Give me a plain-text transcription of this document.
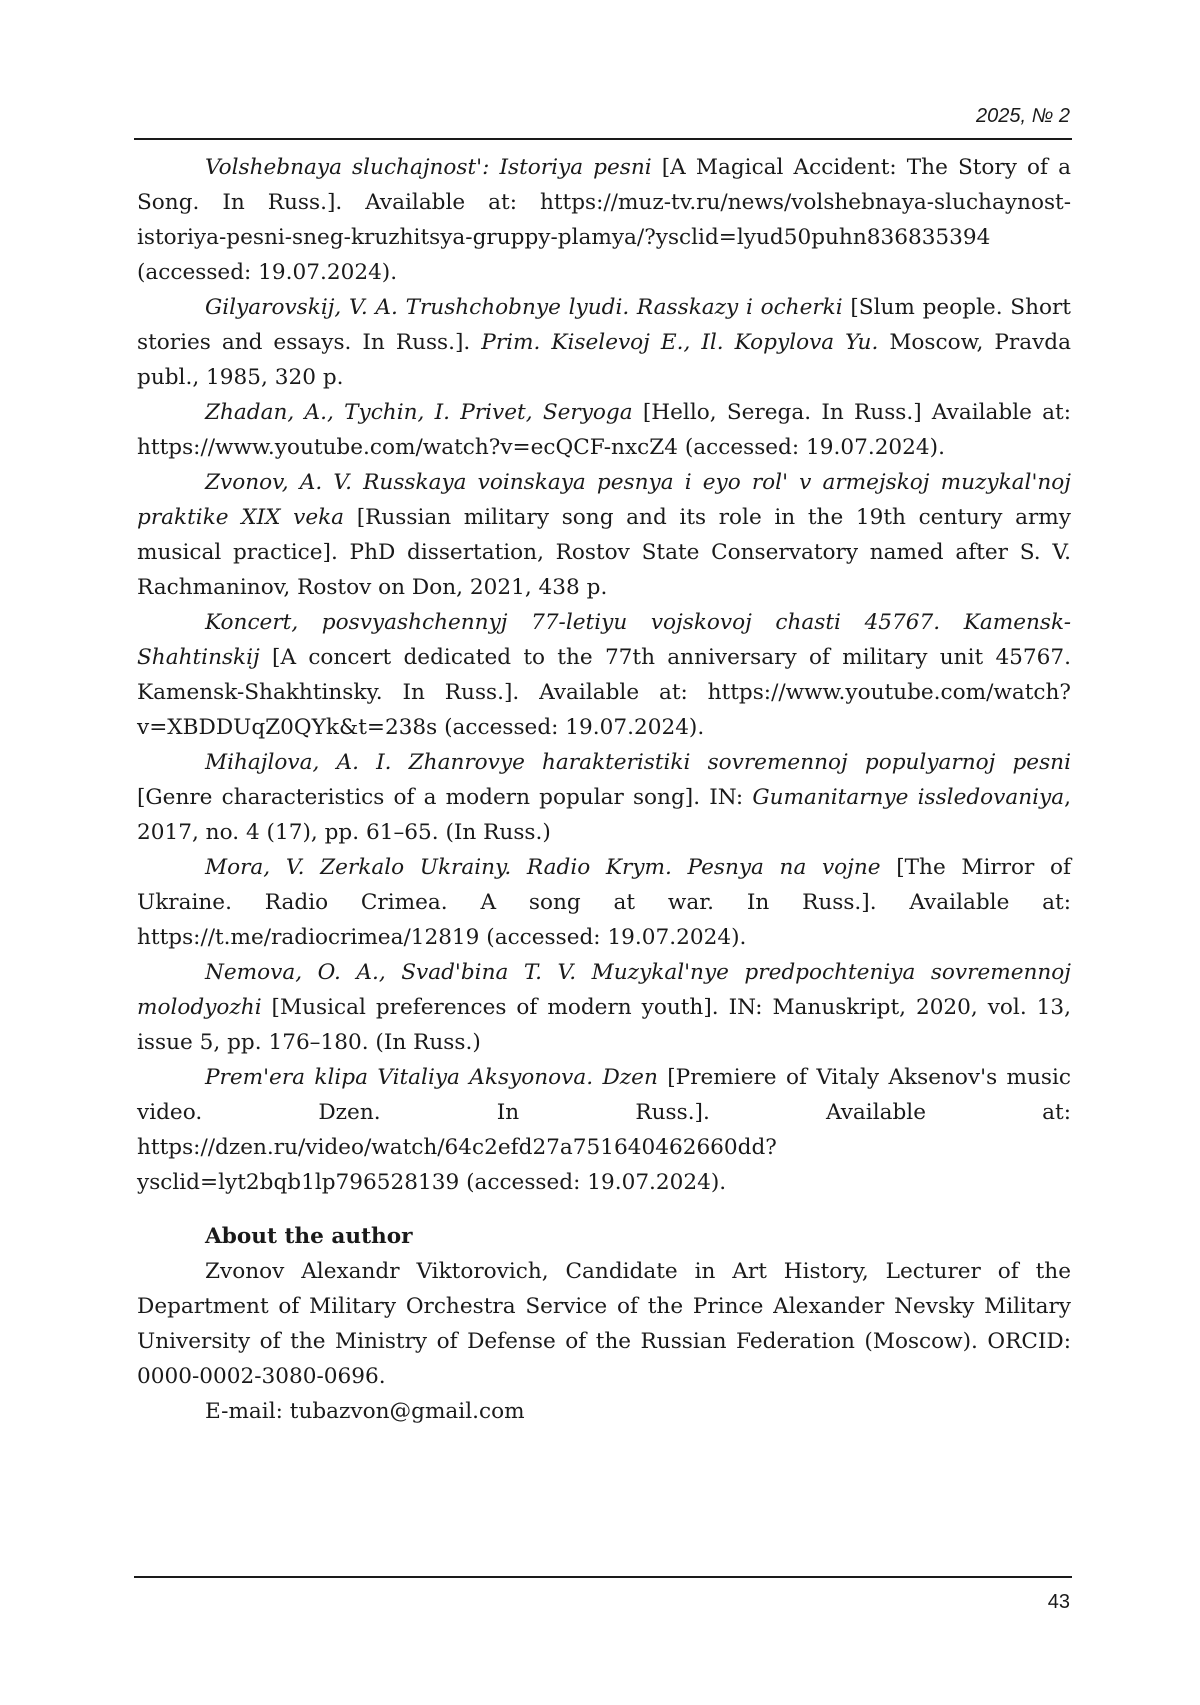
2025, № 2

Volshebnaya sluchajnost': Istoriya pesni [A Magical Accident: The Story of a Song. In Russ.]. Available at: https://muz-tv.ru/news/volshebnaya-sluchaynost-istoriya-pesni-sneg-kruzhitsya-gruppy-plamya/?ysclid=lyud50puhn836835394 (accessed: 19.07.2024).

Gilyarovskij, V. A. Trushchobnye lyudi. Rasskazy i ocherki [Slum people. Short stories and essays. In Russ.]. Prim. Kiselevoj E., Il. Kopylova Yu. Moscow, Pravda publ., 1985, 320 p.

Zhadan, A., Tychin, I. Privet, Seryoga [Hello, Serega. In Russ.] Available at: https://www.youtube.com/watch?v=ecQCF-nxcZ4 (accessed: 19.07.2024).

Zvonov, A. V. Russkaya voinskaya pesnya i eyo rol' v armejskoj muzykal'noj praktike XIX veka [Russian military song and its role in the 19th century army musical practice]. PhD dissertation, Rostov State Conservatory named after S. V. Rachmaninov, Rostov on Don, 2021, 438 p.

Koncert, posvyashchennyj 77-letiyu vojskovoj chasti 45767. Kamensk-Shahtinskij [A concert dedicated to the 77th anniversary of military unit 45767. Kamensk-Shakhtinsky. In Russ.]. Available at: https://www.youtube.com/watch?v=XBDDUqZ0QYk&t=238s (accessed: 19.07.2024).

Mihajlova, A. I. Zhanrovye harakteristiki sovremennoj populyarnoj pesni [Genre characteristics of a modern popular song]. IN: Gumanitarnye issledovaniya, 2017, no. 4 (17), pp. 61–65. (In Russ.)

Mora, V. Zerkalo Ukrainy. Radio Krym. Pesnya na vojne [The Mirror of Ukraine. Radio Crimea. A song at war. In Russ.]. Available at: https://t.me/radiocrimea/12819 (accessed: 19.07.2024).

Nemova, O. A., Svad'bina T. V. Muzykal'nye predpochteniya sovremennoj molodyozhi [Musical preferences of modern youth]. IN: Manuskript, 2020, vol. 13, issue 5, pp. 176–180. (In Russ.)

Prem'era klipa Vitaliya Aksyonova. Dzen [Premiere of Vitaly Aksenov's music video. Dzen. In Russ.]. Available at: https://dzen.ru/video/watch/64c2efd27a751640462660dd?ysclid=lyt2bqb1lp796528139 (accessed: 19.07.2024).

About the author

Zvonov Alexandr Viktorovich, Candidate in Art History, Lecturer of the Department of Military Orchestra Service of the Prince Alexander Nevsky Military University of the Ministry of Defense of the Russian Federation (Moscow). ORCID: 0000-0002-3080-0696.

E-mail: tubazvon@gmail.com

43
